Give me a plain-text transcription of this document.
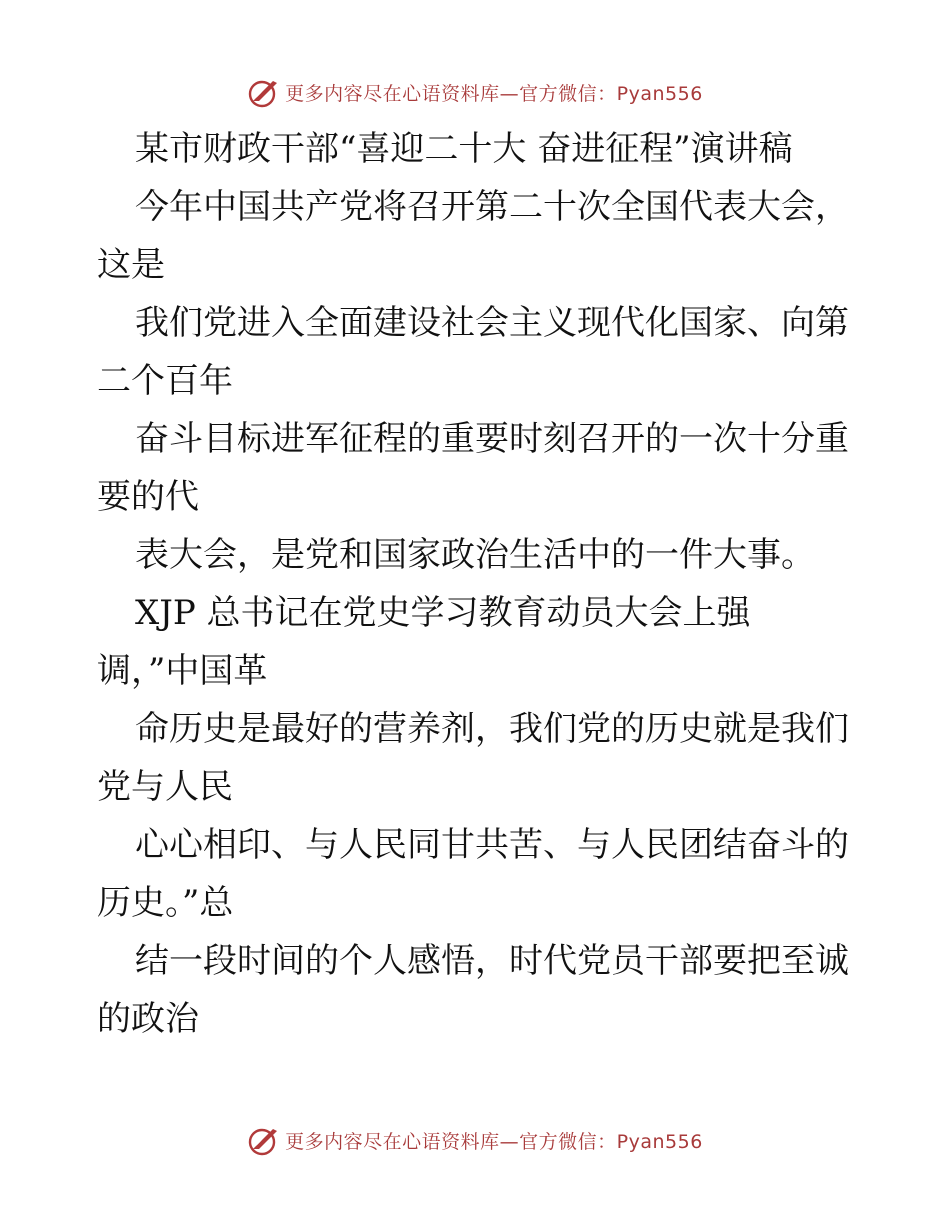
更多内容尽在心语资料库—官方微信：Pyan556
某市财政干部“喜迎二十大 奋进征程”演讲稿
今年中国共产党将召开第二十次全国代表大会，
这是
我们党进入全面建设社会主义现代化国家、向第
二个百年
奋斗目标进军征程的重要时刻召开的一次十分重
要的代
表大会，是党和国家政治生活中的一件大事。
XJP 总书记在党史学习教育动员大会上强
调，”中国革
命历史是最好的营养剂，我们党的历史就是我们
党与人民
心心相印、与人民同甘共苦、与人民团结奋斗的
历史。”总
结一段时间的个人感悟，时代党员干部要把至诚
的政治
更多内容尽在心语资料库—官方微信：Pyan556
